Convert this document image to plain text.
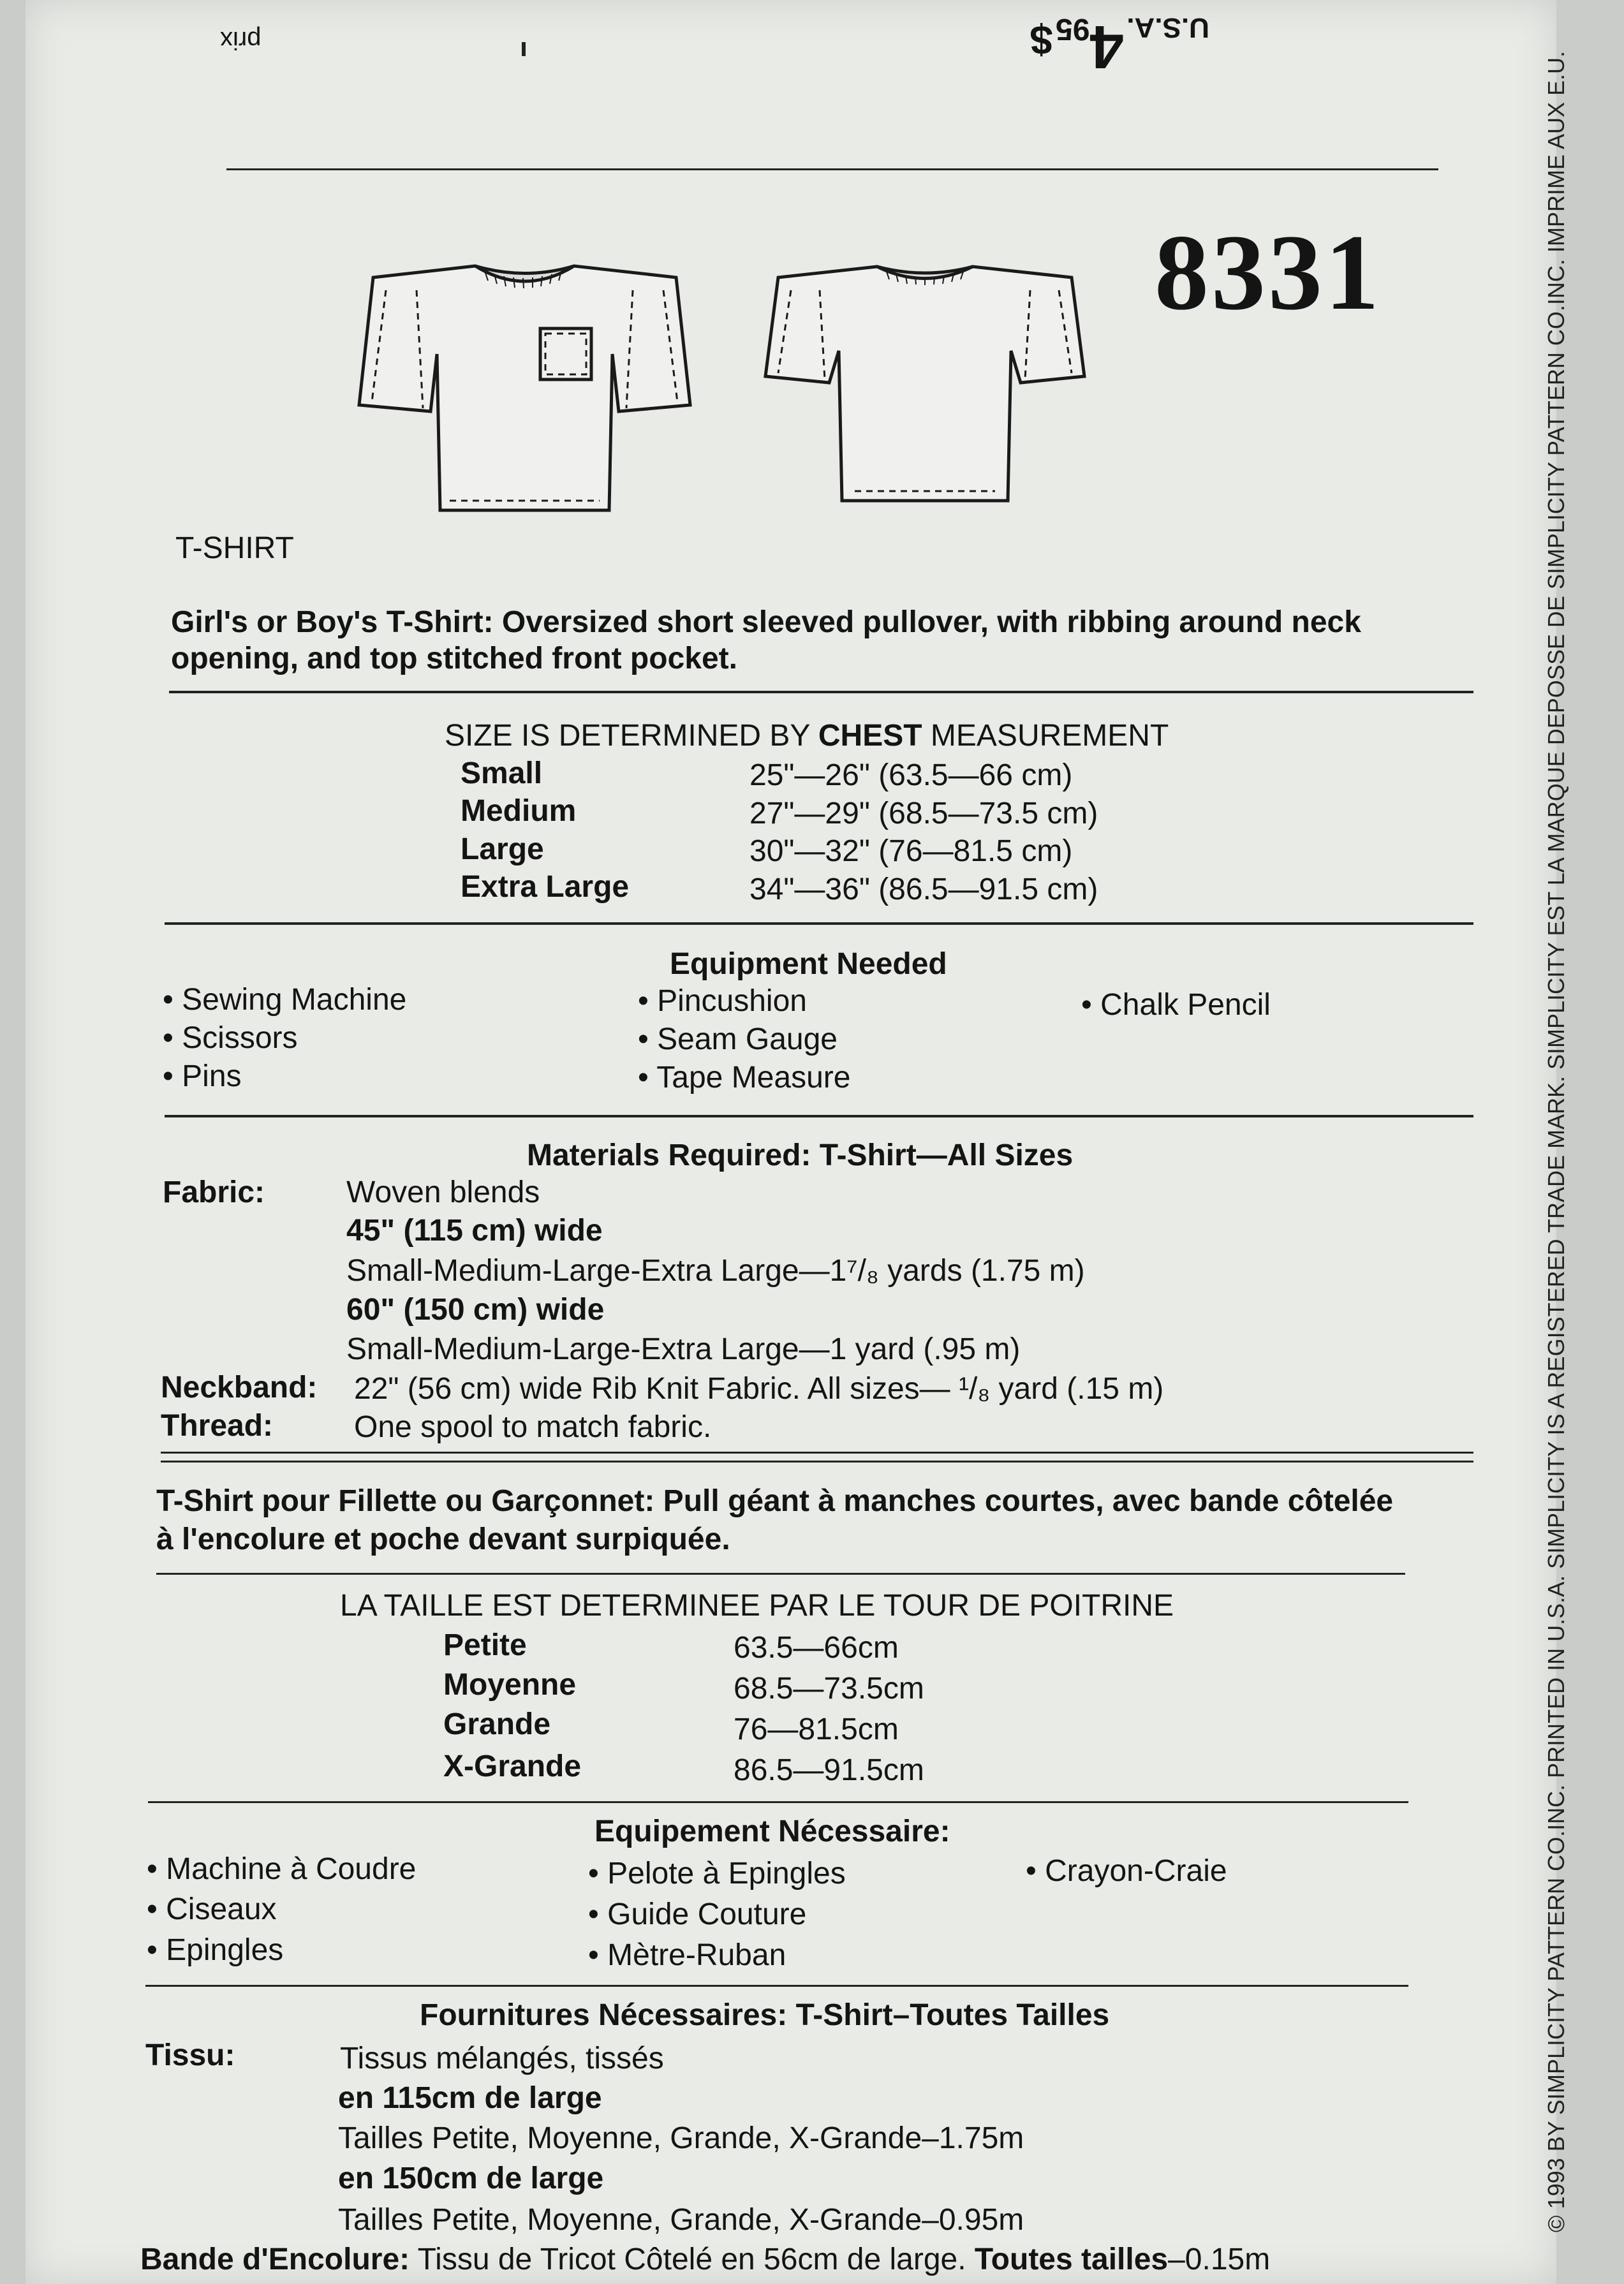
prix	U.S.A. 495 $
8331
T-SHIRT
Girl's or Boy's T-Shirt: Oversized short sleeved pullover, with ribbing around neck
opening, and top stitched front pocket.
SIZE IS DETERMINED BY CHEST MEASUREMENT
Small	25"—26" (63.5—66 cm)
Medium	27"—29" (68.5—73.5 cm)
Large	30"—32" (76—81.5 cm)
Extra Large	34"—36" (86.5—91.5 cm)
Equipment Needed
• Sewing Machine
• Scissors
• Pins
• Pincushion
• Seam Gauge
• Tape Measure
• Chalk Pencil
Materials Required: T-Shirt—All Sizes
Fabric:	Woven blends
45" (115 cm) wide
Small-Medium-Large-Extra Large—1⁷/₈ yards (1.75 m)
60" (150 cm) wide
Small-Medium-Large-Extra Large—1 yard (.95 m)
Neckband: 22" (56 cm) wide Rib Knit Fabric. All sizes— ¹/₈ yard (.15 m)
Thread:	One spool to match fabric.
T-Shirt pour Fillette ou Garçonnet: Pull géant à manches courtes, avec bande côtelée
à l'encolure et poche devant surpiquée.
LA TAILLE EST DETERMINEE PAR LE TOUR DE POITRINE
Petite	63.5—66cm
Moyenne	68.5—73.5cm
Grande	76—81.5cm
X-Grande	86.5—91.5cm
Equipement Nécessaire:
• Machine à Coudre
• Ciseaux
• Epingles
• Pelote à Epingles
• Guide Couture
• Mètre-Ruban
• Crayon-Craie
Fournitures Nécessaires: T-Shirt–Toutes Tailles
Tissu:	Tissus mélangés, tissés
en 115cm de large
Tailles Petite, Moyenne, Grande, X-Grande–1.75m
en 150cm de large
Tailles Petite, Moyenne, Grande, X-Grande–0.95m
Bande d'Encolure: Tissu de Tricot Côtelé en 56cm de large. Toutes tailles–0.15m
© 1993 BY SIMPLICITY PATTERN CO.INC. PRINTED IN U.S.A. SIMPLICITY IS A REGISTERED TRADE MARK. SIMPLICITY EST LA MARQUE DEPOSSE DE SIMPLICITY PATTERN CO.INC. IMPRIME AUX E.U.
